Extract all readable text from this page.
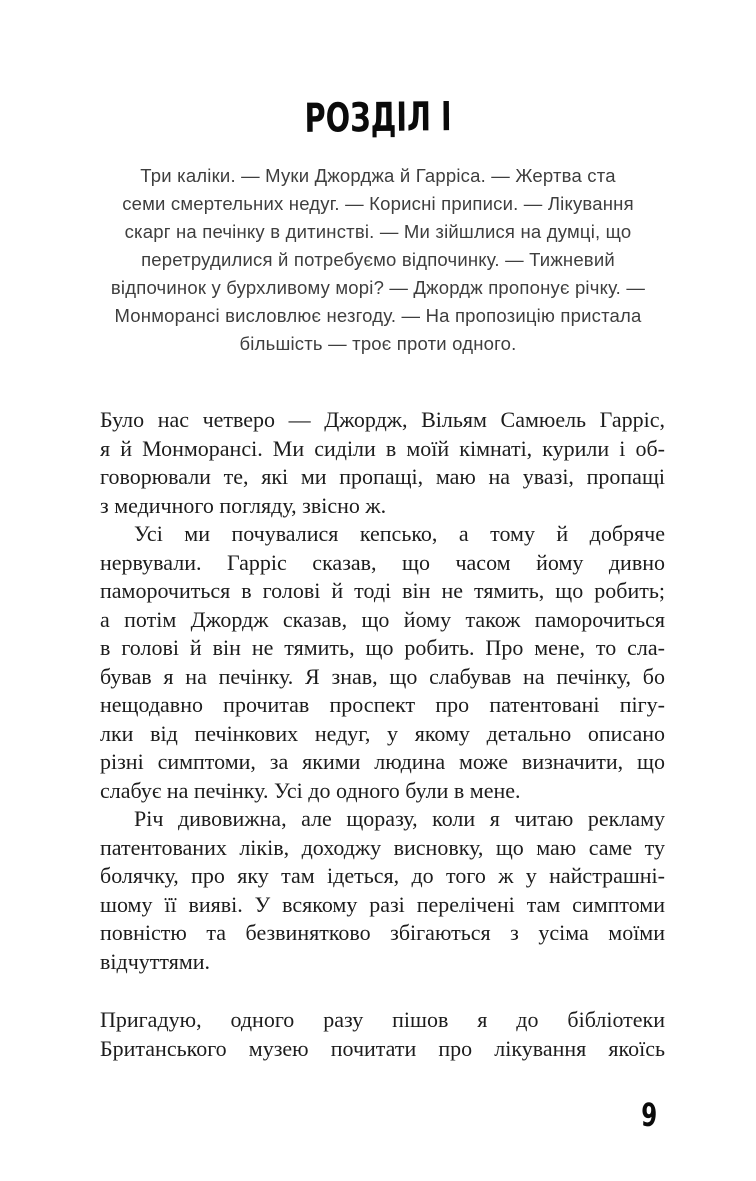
РОЗДІЛ І
Три каліки. — Муки Джорджа й Гарріса. — Жертва ста
семи смертельних недуг. — Корисні приписи. — Лікування
скарг на печінку в дитинстві. — Ми зійшлися на думці, що
перетрудилися й потребуємо відпочинку. — Тижневий
відпочинок у бурхливому морі? — Джордж пропонує річку. —
Монморансі висловлює незгоду. — На пропозицію пристала
більшість — троє проти одного.
Було нас четверо — Джордж, Вільям Самюель Гарріс,
я й Монморансі. Ми сиділи в моїй кімнаті, курили і об-
говорювали те, які ми пропащі, маю на увазі, пропащі
з медичного погляду, звісно ж.
Усі ми почувалися кепсько, а тому й добряче
нервували. Гарріс сказав, що часом йому дивно
паморочиться в голові й тоді він не тямить, що робить;
а потім Джордж сказав, що йому також паморочиться
в голові й він не тямить, що робить. Про мене, то сла-
бував я на печінку. Я знав, що слабував на печінку, бо
нещодавно прочитав проспект про патентовані пігу-
лки від печінкових недуг, у якому детально описано
різні симптоми, за якими людина може визначити, що
слабує на печінку. Усі до одного були в мене.
Річ дивовижна, але щоразу, коли я читаю рекламу
патентованих ліків, доходжу висновку, що маю саме ту
болячку, про яку там ідеться, до того ж у найстрашні-
шому її вияві. У всякому разі перелічені там симптоми
повністю та безвинятково збігаються з усіма моїми
відчуттями.
Пригадую, одного разу пішов я до бібліотеки
Британського музею почитати про лікування якоїсь
9
